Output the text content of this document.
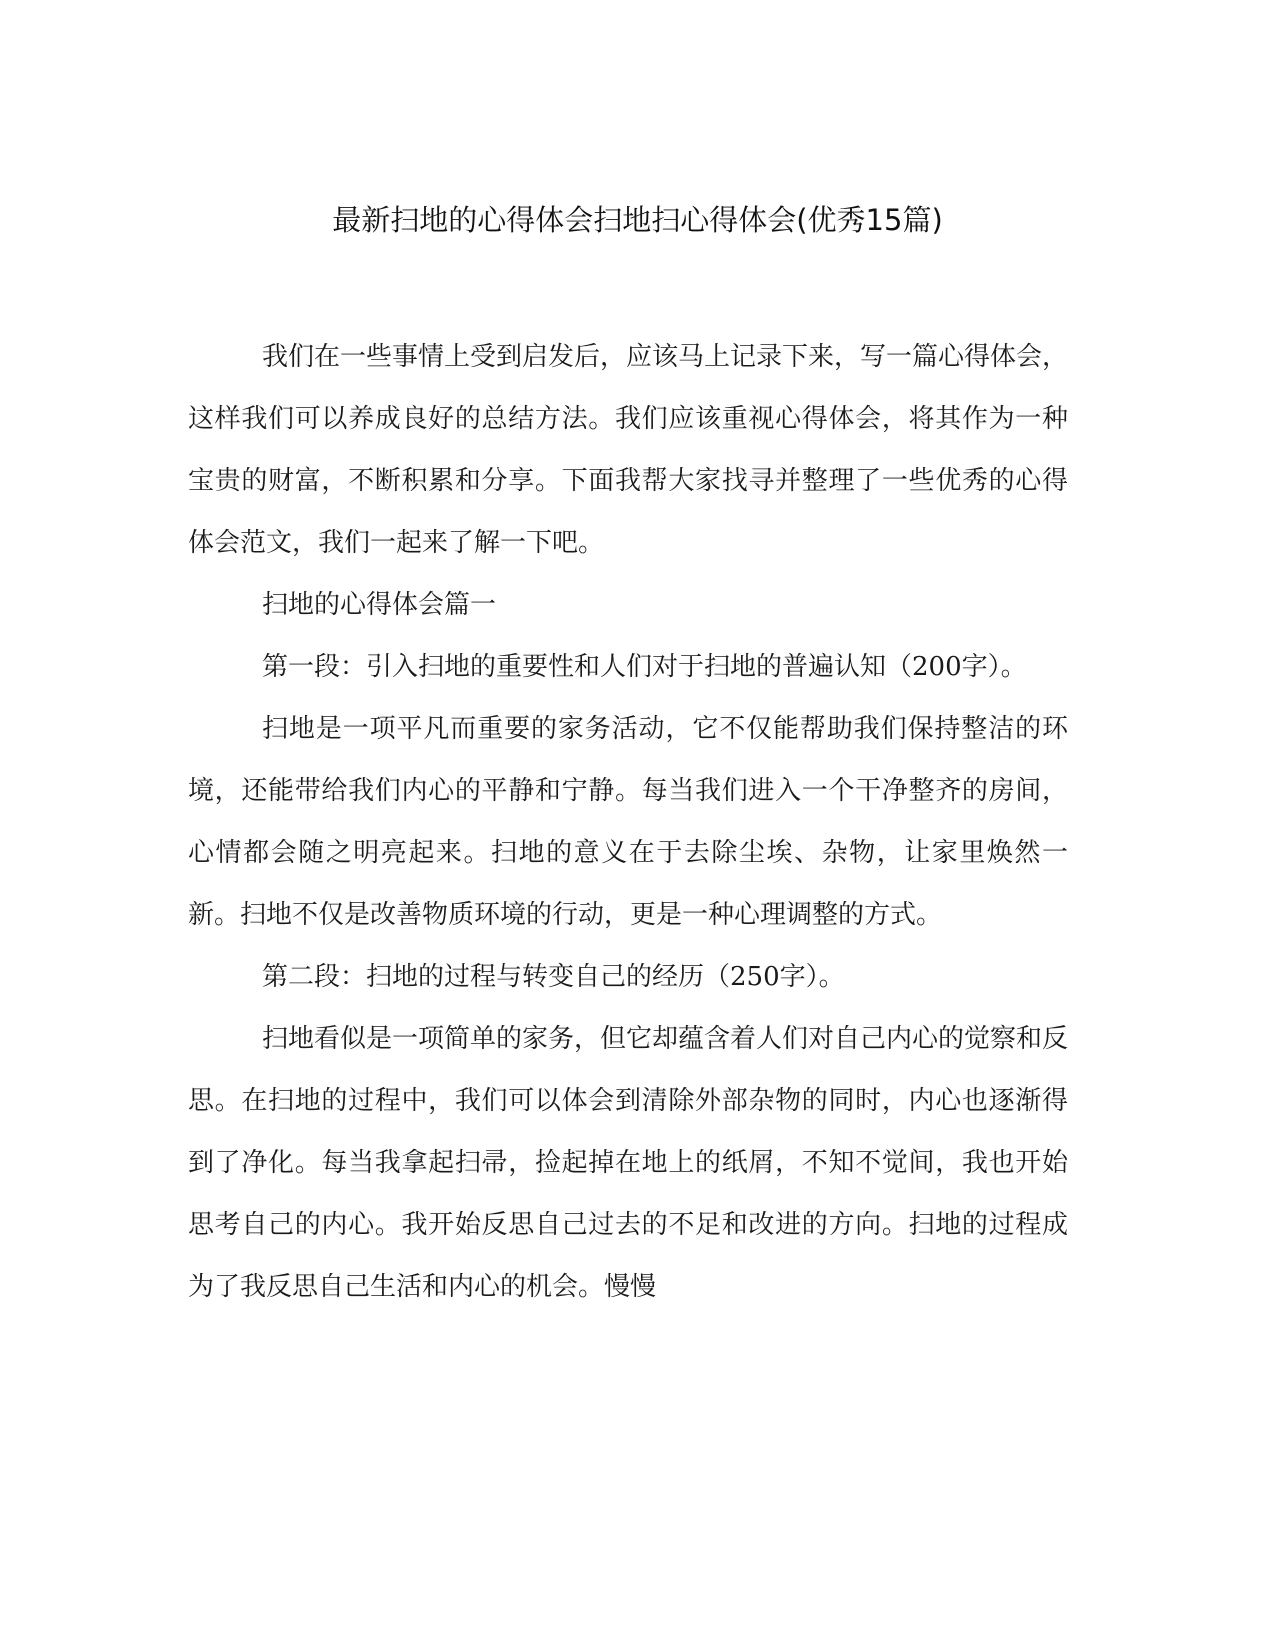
最新扫地的心得体会扫地扫心得体会(优秀15篇)

我们在一些事情上受到启发后，应该马上记录下来，写一篇心得体会，这样我们可以养成良好的总结方法。我们应该重视心得体会，将其作为一种宝贵的财富，不断积累和分享。下面我帮大家找寻并整理了一些优秀的心得体会范文，我们一起来了解一下吧。

扫地的心得体会篇一

第一段：引入扫地的重要性和人们对于扫地的普遍认知（200字）。

扫地是一项平凡而重要的家务活动，它不仅能帮助我们保持整洁的环境，还能带给我们内心的平静和宁静。每当我们进入一个干净整齐的房间，心情都会随之明亮起来。扫地的意义在于去除尘埃、杂物，让家里焕然一新。扫地不仅是改善物质环境的行动，更是一种心理调整的方式。

第二段：扫地的过程与转变自己的经历（250字）。

扫地看似是一项简单的家务，但它却蕴含着人们对自己内心的觉察和反思。在扫地的过程中，我们可以体会到清除外部杂物的同时，内心也逐渐得到了净化。每当我拿起扫帚，捡起掉在地上的纸屑，不知不觉间，我也开始思考自己的内心。我开始反思自己过去的不足和改进的方向。扫地的过程成为了我反思自己生活和内心的机会。慢慢
